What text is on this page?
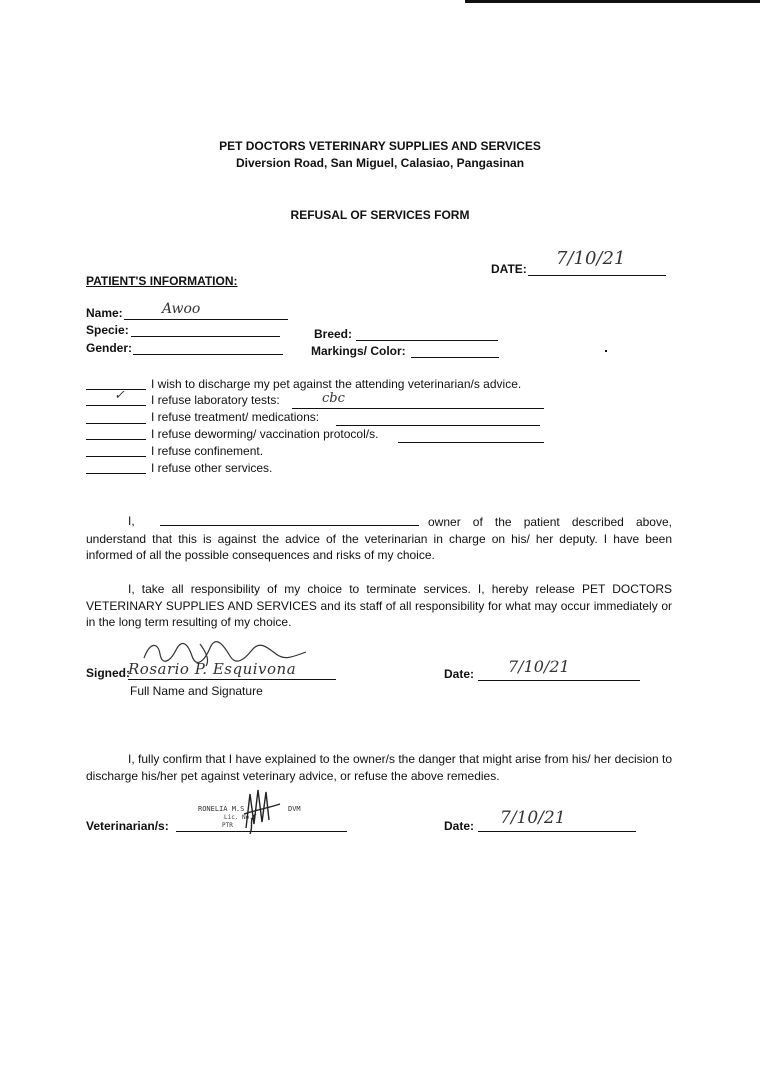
PET DOCTORS VETERINARY SUPPLIES AND SERVICES
Diversion Road, San Miguel, Calasiao, Pangasinan
REFUSAL OF SERVICES FORM
DATE: 7/10/21
PATIENT'S INFORMATION:
Name:	Awoo
Specie:	Breed:
Gender:	Markings/ Color:
I wish to discharge my pet against the attending veterinarian/s advice.
✓ I refuse laboratory tests:	cbc
I refuse treatment/ medications:
I refuse deworming/ vaccination protocol/s.
I refuse confinement.
I refuse other services.
I,	owner of the patient described above, understand that this is against the advice of the veterinarian in charge on his/ her deputy. I have been informed of all the possible consequences and risks of my choice.
I, take all responsibility of my choice to terminate services. I, hereby release PET DOCTORS VETERINARY SUPPLIES AND SERVICES and its staff of all responsibility for what may occur immediately or in the long term resulting of my choice.
Signed:
Rosario P. Esquivona
Full Name and Signature
Date: 7/10/21
I, fully confirm that I have explained to the owner/s the danger that might arise from his/ her decision to discharge his/her pet against veterinary advice, or refuse the above remedies.
Veterinarian/s:
RONELIA M.S	DVM
Lic. No.
PTR	Date: 7/10/21
